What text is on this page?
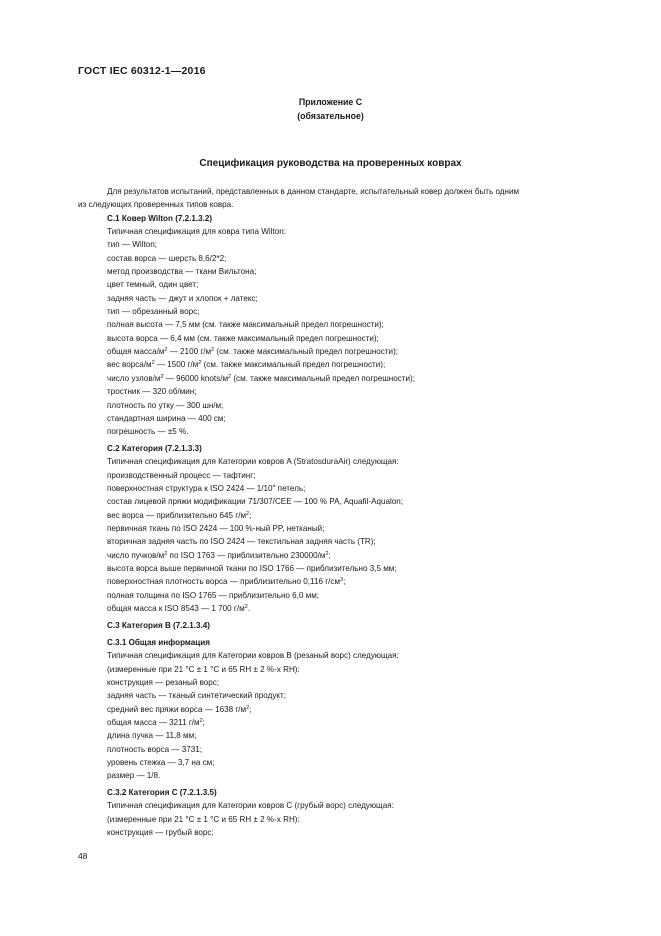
ГОСТ IEC 60312-1—2016
Приложение С
(обязательное)
Спецификация руководства на проверенных коврах
Для результатов испытаний, представленных в данном стандарте, испытательный ковер должен быть одним
из следующих проверенных типов ковра.
С.1 Ковер Wilton (7.2.1.3.2)
Типичная спецификация для ковра типа Wilton:
тип — Wilton;
состав ворса — шерсть 8,6/2*2;
метод производства — ткани Вильтона;
цвет темный, один цвет;
задняя часть — джут и хлопок + латекс;
тип — обрезанный ворс;
полная высота — 7,5 мм (см. также максимальный предел погрешности);
высота ворса — 6,4 мм (см. также максимальный предел погрешности);
общая масса/$м^2$ — 2100 $г/м^2$ (см. также максимальный предел погрешности);
вес ворса/$м^2$ — 1500 $г/м^2$ (см. также максимальный предел погрешности);
число узлов/$м^2$ — 96000 knots/$м^2$ (см. также максимальный предел погрешности);
тростник — 320 об/мин;
плотность по утку — 300 шн/м;
стандартная ширина — 400 см;
погрешность — ±5 %.
С.2 Категория (7.2.1.3.3)
Типичная спецификация для Категории ковров A (StratosduraAir) следующая:
производственный процесс — тафтинг;
поверхностная структура к ISO 2424 — 1/10" петель;
состав лицевой пряжи модификации 71/307/CEE — 100 % PA, Aquafil-Aqualon;
вес ворса — приблизительно 645 $г/м^2$;
первичная ткань по ISO 2424 — 100 %-ный PP, нетканый;
вторичная задняя часть по ISO 2424 — текстильная задняя часть (TR);
число пучков/$м^2$ по ISO 1763 — приблизительно $230000/м^2$;
высота ворса выше первичной ткани по ISO 1766 — приблизительно 3,5 мм;
поверхностная плотность ворса — приблизительно 0,116 $г/см^3$;
полная толщина по ISO 1765 — приблизительно 6,0 мм;
общая масса к ISO 8543 — 1 700 $г/м^2$.
С.3 Категория B (7.2.1.3.4)
С.3.1 Общая информация
Типичная спецификация для Категории ковров B (резаный ворс) следующая:
(измеренные при 21 °С ± 1 °С и 65 RH ± 2 %-х RH):
конструкция — резаный ворс;
задняя часть — тканый синтетический продукт;
средний вес пряжи ворса — 1638 $г/м^2$;
общая масса — 3211 $г/м^2$;
длина пучка — 11,8 мм;
плотность ворса — 3731;
уровень стежка — 3,7 на см;
размер — 1/8.
С.3.2 Категория С (7.2.1.3.5)
Типичная спецификация для Категории ковров С (грубый ворс) следующая:
(измеренные при 21 °С ± 1 °С и 65 RH ± 2 %-х RH):
конструкция — грубый ворс;
48
